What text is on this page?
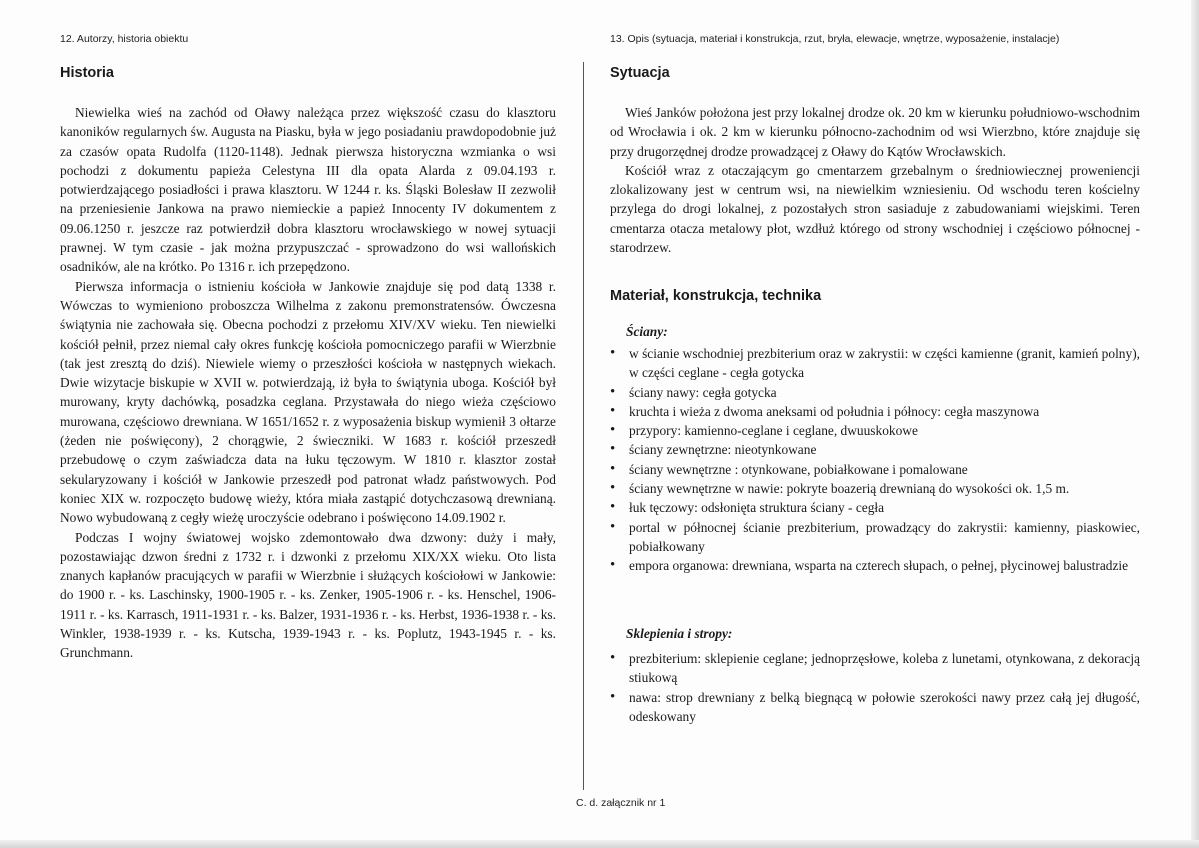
12. Autorzy, historia obiektu	13. Opis (sytuacja, materiał i konstrukcja, rzut, bryła, elewacje, wnętrze, wyposażenie, instalacje)
Historia

Niewielka wieś na zachód od Oławy należąca przez większość czasu do klasztoru kanoników regularnych św. Augusta na Piasku, była w jego posiadaniu prawdopodobnie już za czasów opata Rudolfa (1120-1148). Jednak pierwsza historyczna wzmianka o wsi pochodzi z dokumentu papieża Celestyna III dla opata Alarda z 09.04.193 r. potwierdzającego posiadłości i prawa klasztoru. W 1244 r. ks. Śląski Bolesław II zezwolił na przeniesienie Jankowa na prawo niemieckie a papież Innocenty IV dokumentem z 09.06.1250 r. jeszcze raz potwierdził dobra klasztoru wrocławskiego w nowej sytuacji prawnej. W tym czasie - jak można przypuszczać - sprowadzono do wsi wallońskich osadników, ale na krótko. Po 1316 r. ich przepędzono.

Pierwsza informacja o istnieniu kościoła w Jankowie znajduje się pod datą 1338 r. Wówczas to wymieniono proboszcza Wilhelma z zakonu premonstratensów. Ówczesna świątynia nie zachowała się. Obecna pochodzi z przełomu XIV/XV wieku. Ten niewielki kościół pełnił, przez niemal cały okres funkcję kościoła pomocniczego parafii w Wierzbnie (tak jest zresztą do dziś). Niewiele wiemy o przeszłości kościoła w następnych wiekach. Dwie wizytacje biskupie w XVII w. potwierdzają, iż była to świątynia uboga. Kościół był murowany, kryty dachówką, posadzka ceglana. Przystawała do niego wieża częściowo murowana, częściowo drewniana. W 1651/1652 r. z wyposażenia biskup wymienił 3 ołtarze (żeden nie poświęcony), 2 chorągwie, 2 świeczniki. W 1683 r. kościół przeszedł przebudowę o czym zaświadcza data na łuku tęczowym. W 1810 r. klasztor został sekularyzowany i kościół w Jankowie przeszedł pod patronat władz państwowych. Pod koniec XIX w. rozpoczęto budowę wieży, która miała zastąpić dotychczasową drewnianą. Nowo wybudowaną z cegły wieżę uroczyście odebrano i poświęcono 14.09.1902 r.

Podczas I wojny światowej wojsko zdemontowało dwa dzwony: duży i mały, pozostawiając dzwon średni z 1732 r. i dzwonki z przełomu XIX/XX wieku. Oto lista znanych kapłanów pracujących w parafii w Wierzbnie i służących kościołowi w Jankowie: do 1900 r. - ks. Laschinsky, 1900-1905 r. - ks. Zenker, 1905-1906 r. - ks. Henschel, 1906-1911 r. - ks. Karrasch, 1911-1931 r. - ks. Balzer, 1931-1936 r. - ks. Herbst, 1936-1938 r. - ks. Winkler, 1938-1939 r. - ks. Kutscha, 1939-1943 r. - ks. Poplutz, 1943-1945 r. - ks. Grunchmann.

Sytuacja

Wieś Janków położona jest przy lokalnej drodze ok. 20 km w kierunku południowo-wschodnim od Wrocławia i ok. 2 km w kierunku północno-zachodnim od wsi Wierzbno, które znajduje się przy drugorzędnej drodze prowadzącej z Oławy do Kątów Wrocławskich.

Kościół wraz z otaczającym go cmentarzem grzebalnym o średniowiecznej proweniencji zlokalizowany jest w centrum wsi, na niewielkim wzniesieniu. Od wschodu teren kościelny przylega do drogi lokalnej, z pozostałych stron sasiaduje z zabudowaniami wiejskimi. Teren cmentarza otacza metalowy płot, wzdłuż którego od strony wschodniej i częściowo północnej - starodrzew.

Materiał, konstrukcja, technika
Ściany:
• w ścianie wschodniej prezbiterium oraz w zakrystii: w części kamienne (granit, kamień polny), w części ceglane - cegła gotycka
• ściany nawy: cegła gotycka
• kruchta i wieża z dwoma aneksami od południa i północy: cegła maszynowa
• przypory: kamienno-ceglane i ceglane, dwuuskokowe
• ściany zewnętrzne: nieotynkowane
• ściany wewnętrzne : otynkowane, pobiałkowane i pomalowane
• ściany wewnętrzne w nawie: pokryte boazerią drewnianą do wysokości ok. 1,5 m.
• łuk tęczowy: odsłonięta struktura ściany - cegła
• portal w północnej ścianie prezbiterium, prowadzący do zakrystii: kamienny, piaskowiec, pobiałkowany
• empora organowa: drewniana, wsparta na czterech słupach, o pełnej, płycinowej balustradzie
Sklepienia i stropy:
• prezbiterium: sklepienie ceglane; jednoprzęsłowe, koleba z lunetami, otynkowana, z dekoracją stiukową
• nawa: strop drewniany z belką biegnącą w połowie szerokości nawy przez całą jej długość, odeskowany
C. d. załącznik nr 1
